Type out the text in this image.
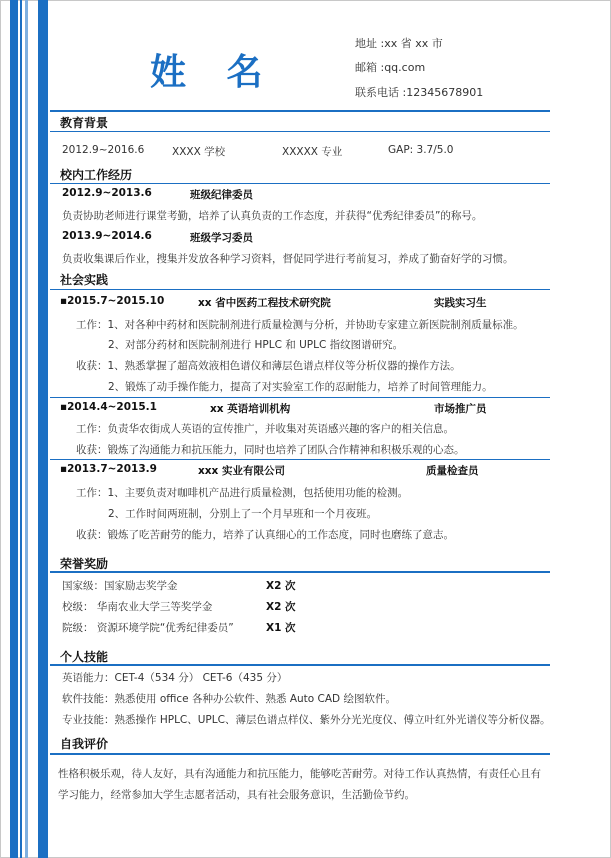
姓 名
地址 :xx 省 xx 市
邮箱 :qq.com
联系电话 :12345678901
教育背景
2012.9~2016.6	XXXX 学校	XXXXX 专业	GAP: 3.7/5.0
校内工作经历
2012.9~2013.6	班级纪律委员
负责协助老师进行课堂考勤，培养了认真负责的工作态度，并获得“优秀纪律委员”的称号。
2013.9~2014.6	班级学习委员
负责收集课后作业，搜集并发放各种学习资料，督促同学进行考前复习，养成了勤奋好学的习惯。
社会实践
▪2015.7~2015.10	xx 省中医药工程技术研究院	实践实习生
工作：1、对各种中药材和医院制剂进行质量检测与分析，并协助专家建立新医院制剂质量标准。
2、对部分药材和医院制剂进行 HPLC 和 UPLC 指纹图谱研究。
收获：1、熟悉掌握了超高效液相色谱仪和薄层色谱点样仪等分析仪器的操作方法。
2、锻炼了动手操作能力，提高了对实验室工作的忍耐能力，培养了时间管理能力。
▪2014.4~2015.1	xx 英语培训机构	市场推广员
工作：负责华农街成人英语的宣传推广，并收集对英语感兴趣的客户的相关信息。
收获：锻炼了沟通能力和抗压能力，同时也培养了团队合作精神和积极乐观的心态。
▪2013.7~2013.9	xxx 实业有限公司	质量检查员
工作：1、主要负责对咖啡机产品进行质量检测，包括使用功能的检测。
2、工作时间两班制，分别上了一个月早班和一个月夜班。
收获：锻炼了吃苦耐劳的能力，培养了认真细心的工作态度，同时也磨练了意志。
荣誉奖励
国家级：国家励志奖学金	X2 次
校级： 华南农业大学三等奖学金	X2 次
院级： 资源环境学院“优秀纪律委员”	X1 次
个人技能
英语能力：CET-4（534 分） CET-6（435 分）
软件技能：熟悉使用 office 各种办公软件、熟悉 Auto CAD 绘图软件。
专业技能：熟悉操作 HPLC、UPLC、薄层色谱点样仪、紫外分光光度仪、傅立叶红外光谱仪等分析仪器。
自我评价
性格积极乐观，待人友好，具有沟通能力和抗压能力，能够吃苦耐劳。对待工作认真热情，有责任心且有
学习能力，经常参加大学生志愿者活动，具有社会服务意识，生活勤俭节约。
